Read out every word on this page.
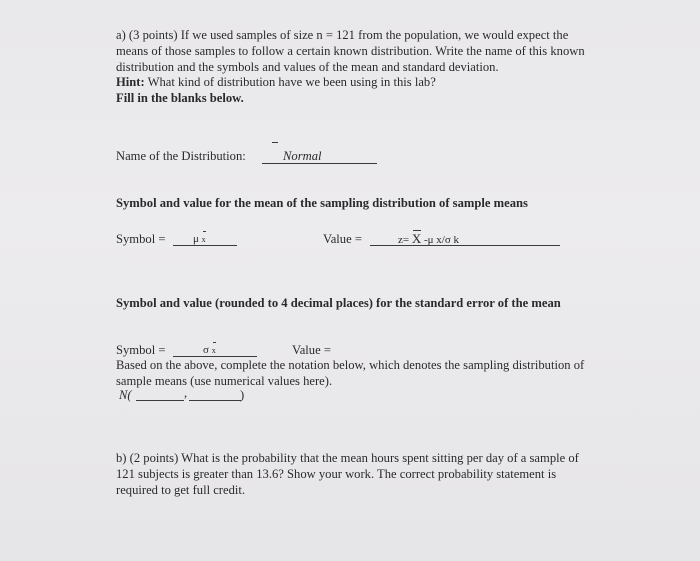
a) (3 points) If we used samples of size n = 121 from the population, we would expect the means of those samples to follow a certain known distribution. Write the name of this known distribution and the symbols and values of the mean and standard deviation.
Hint: What kind of distribution have we been using in this lab?
Fill in the blanks below.
Name of the Distribution:	Normal
Symbol and value for the mean of the sampling distribution of sample means
Symbol =	μ x	Value =	z= X -μ x/σ k
Symbol and value (rounded to 4 decimal places) for the standard error of the mean
Symbol =	σ x	Value =
Based on the above, complete the notation below, which denotes the sampling distribution of sample means (use numerical values here).
N(	,	)
b) (2 points) What is the probability that the mean hours spent sitting per day of a sample of 121 subjects is greater than 13.6? Show your work. The correct probability statement is required to get full credit.
